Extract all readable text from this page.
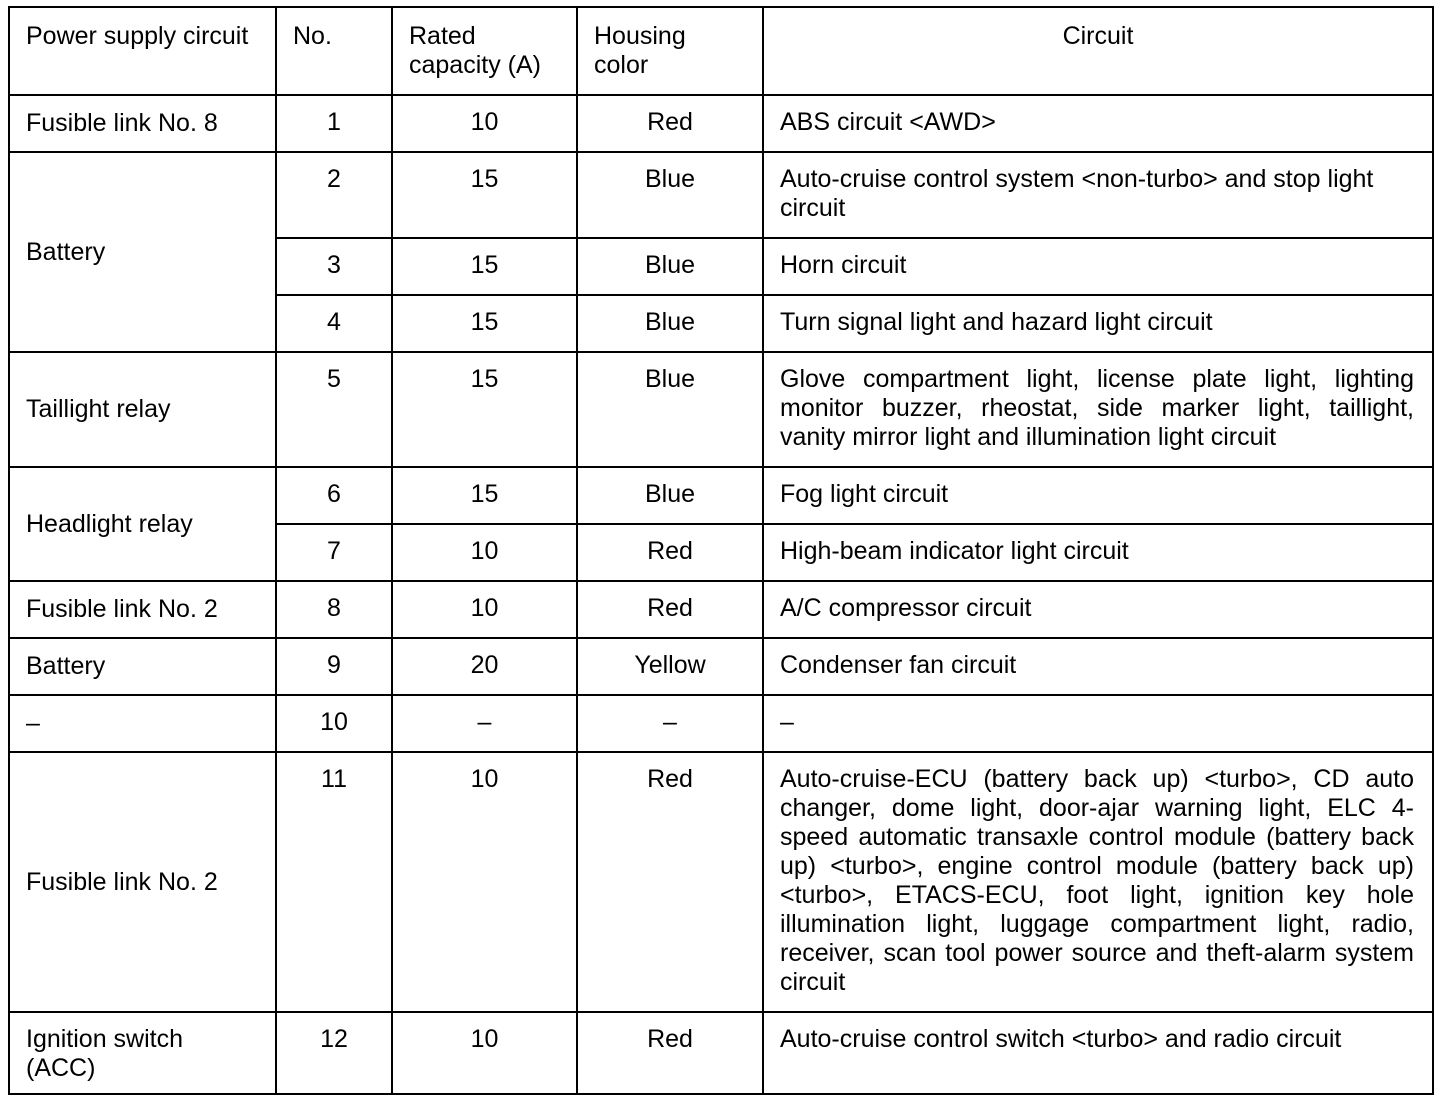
Power supply circuit	No.	Rated capacity (A)	Housing color	Circuit
Fusible link No. 8	1	10	Red	ABS circuit <AWD>
Battery	2	15	Blue	Auto-cruise control system <non-turbo> and stop light circuit
	3	15	Blue	Horn circuit
	4	15	Blue	Turn signal light and hazard light circuit
Taillight relay	5	15	Blue	Glove compartment light, license plate light, lighting monitor buzzer, rheostat, side marker light, taillight, vanity mirror light and illumination light circuit
Headlight relay	6	15	Blue	Fog light circuit
	7	10	Red	High-beam indicator light circuit
Fusible link No. 2	8	10	Red	A/C compressor circuit
Battery	9	20	Yellow	Condenser fan circuit
–	10	–	–	–
Fusible link No. 2	11	10	Red	Auto-cruise-ECU (battery back up) <turbo>, CD auto changer, dome light, door-ajar warning light, ELC 4-speed automatic transaxle control module (battery back up) <turbo>, engine control module (battery back up) <turbo>, ETACS-ECU, foot light, ignition key hole illumination light, luggage compartment light, radio, receiver, scan tool power source and theft-alarm system circuit
Ignition switch (ACC)	12	10	Red	Auto-cruise control switch <turbo> and radio circuit
